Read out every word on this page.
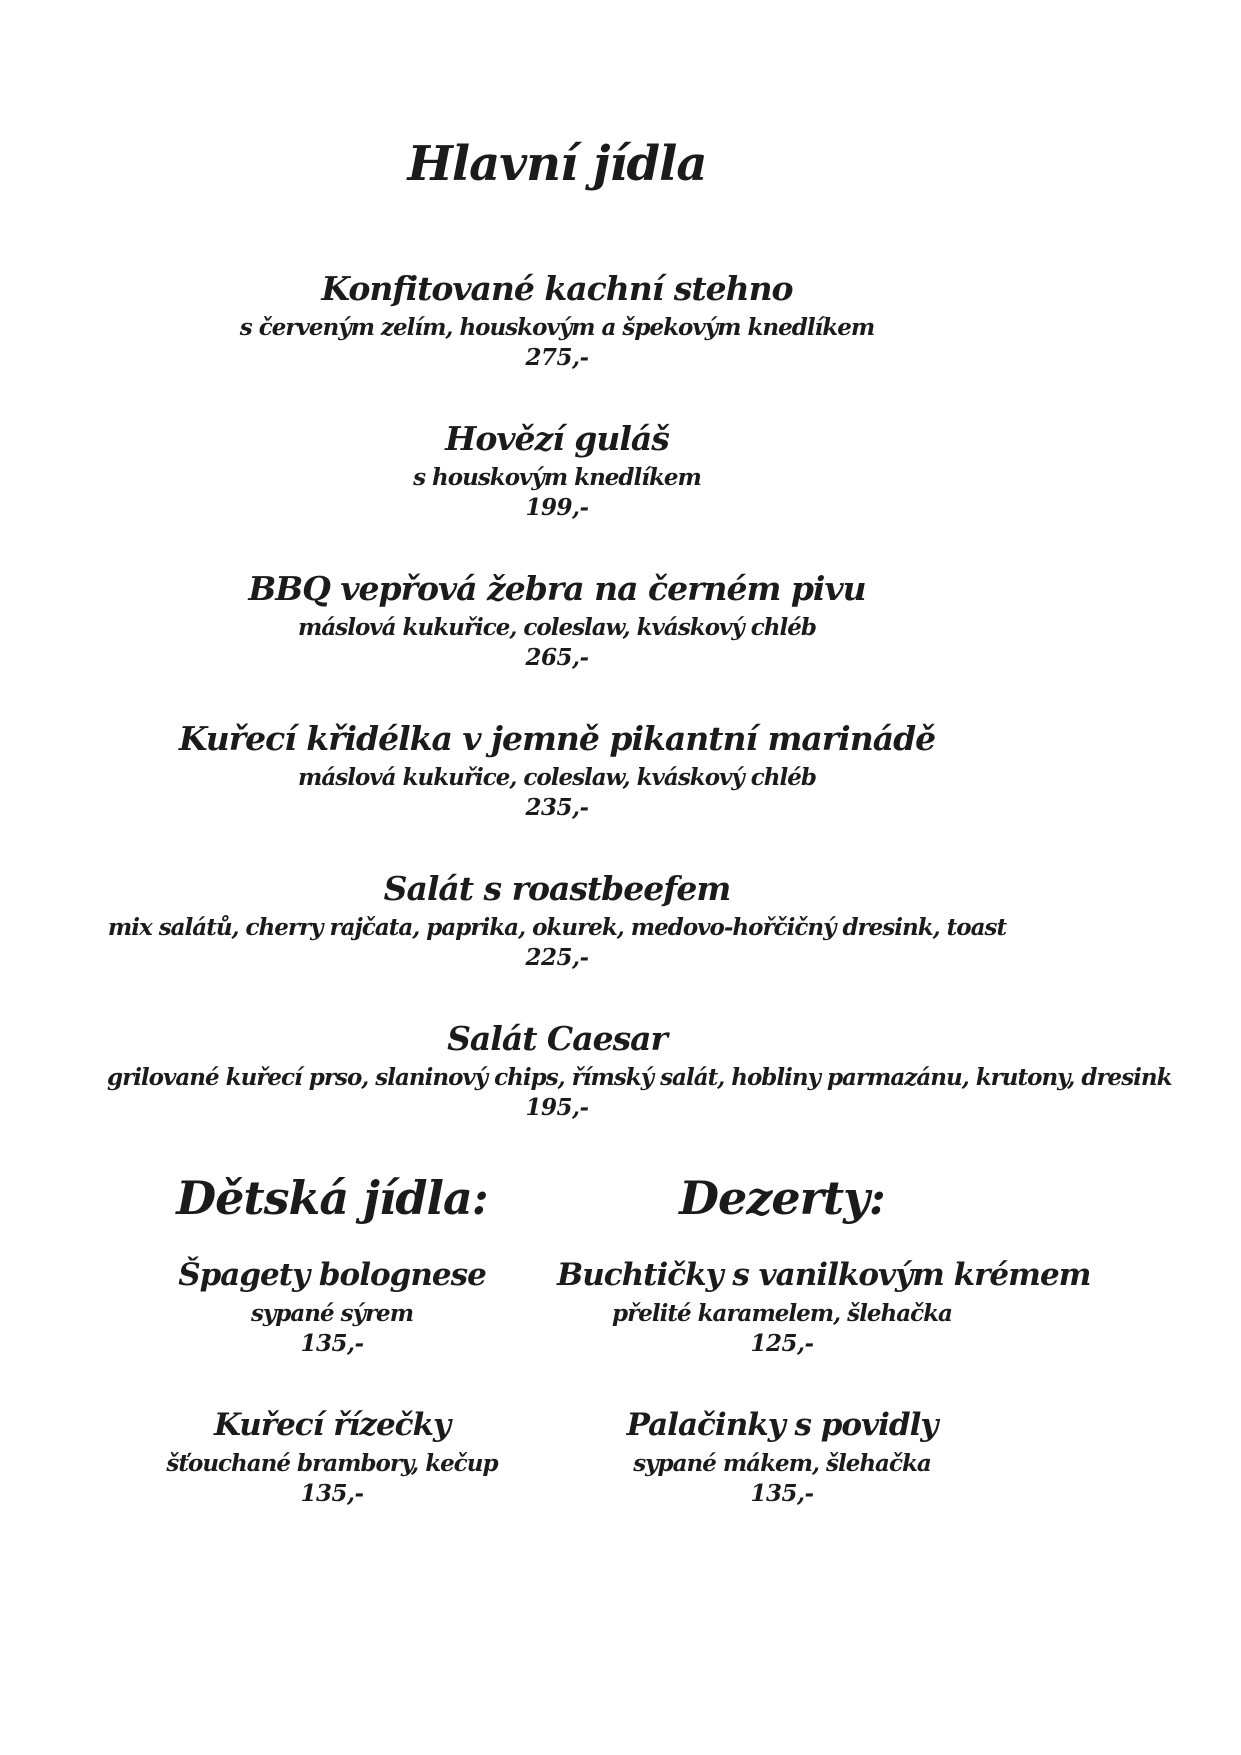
Hlavní jídla
Konfitované kachní stehno
s červeným zelím, houskovým a špekovým knedlíkem
275,-
Hovězí guláš
s houskovým knedlíkem
199,-
BBQ vepřová žebra na černém pivu
máslová kukuřice, coleslaw, kváskový chléb
265,-
Kuřecí křidélka v jemně pikantní marinádě
máslová kukuřice, coleslaw, kváskový chléb
235,-
Salát s roastbeefem
mix salátů, cherry rajčata, paprika, okurek, medovo-hořčičný dresink, toast
225,-
Salát Caesar
grilované kuřecí prso, slaninový chips, římský salát, hobliny parmazánu, krutony, dresink
195,-
Dětská jídla:
Špagety bolognese
sypané sýrem
135,-
Kuřecí řízečky
šťouchané brambory, kečup
135,-
Dezerty:
Buchtičky s vanilkovým krémem
přelité karamelem, šlehačka
125,-
Palačinky s povidly
sypané mákem, šlehačka
135,-
